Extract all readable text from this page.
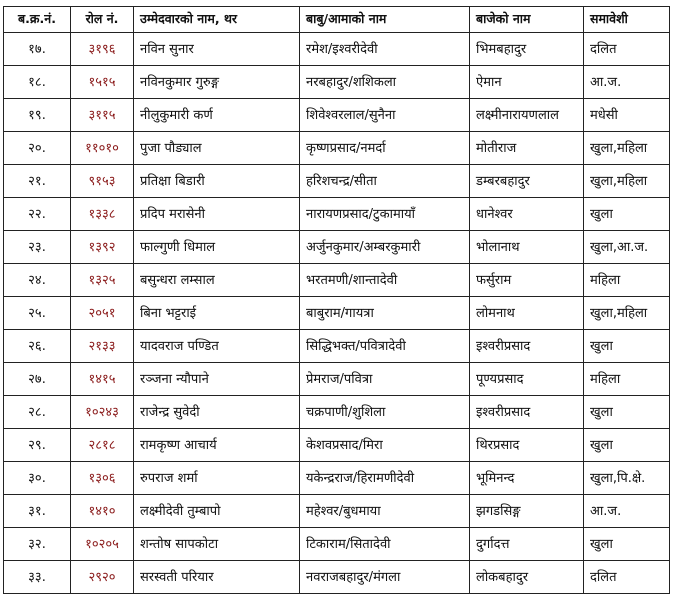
ब.क्र.नं.	रोल नं.	उम्मेदवारको नाम, थर	बाबु/आमाको नाम	बाजेको नाम	समावेशी
१७.	३१९६	नविन सुनार	रमेश/इश्वरीदेवी	भिमबहादुर	दलित
१८.	१५१५	नविनकुमार गुरुङ्ग	नरबहादुर/शशिकला	ऐमान	आ.ज.
१९.	३११५	नीलुकुमारी कर्ण	शिवेश्वरलाल/सुनैना	लक्ष्मीनारायणलाल	मधेसी
२०.	११०१०	पुजा पौड्याल	कृष्णप्रसाद/नमर्दा	मोतीराज	खुला,महिला
२१.	९१५३	प्रतिक्षा बिडारी	हरिशचन्द्र/सीता	डम्बरबहादुर	खुला,महिला
२२.	१३३८	प्रदिप मरासेनी	नारायणप्रसाद/टुकामायाँ	धानेश्वर	खुला
२३.	१३९२	फाल्गुणी धिमाल	अर्जुनकुमार/अम्बरकुमारी	भोलानाथ	खुला,आ.ज.
२४.	१३२५	बसुन्धरा लम्साल	भरतमणी/शान्तादेवी	फर्सुराम	महिला
२५.	२०५१	बिना भट्टराई	बाबुराम/गायत्रा	लोमनाथ	खुला,महिला
२६.	२१३३	यादवराज पण्डित	सिद्धिभक्त/पवित्रादेवी	इश्वरीप्रसाद	खुला
२७.	१४१५	रञ्जना न्यौपाने	प्रेमराज/पवित्रा	पूण्यप्रसाद	महिला
२८.	१०२४३	राजेन्द्र सुवेदी	चक्रपाणी/शुशिला	इश्वरीप्रसाद	खुला
२९.	२८१८	रामकृष्ण आचार्य	केशवप्रसाद/मिरा	थिरप्रसाद	खुला
३०.	१३०६	रुपराज शर्मा	यकेन्द्रराज/हिरामणीदेवी	भूमिनन्द	खुला,पि.क्षे.
३१.	१४१०	लक्ष्मीदेवी तुम्बापो	महेश्वर/बुधमाया	झगडसिङ्ग	आ.ज.
३२.	१०२०५	शन्तोष सापकोटा	टिकाराम/सितादेवी	दुर्गादत्त	खुला
३३.	२९२०	सरस्वती परियार	नवराजबहादुर/मंगला	लोकबहादुर	दलित
